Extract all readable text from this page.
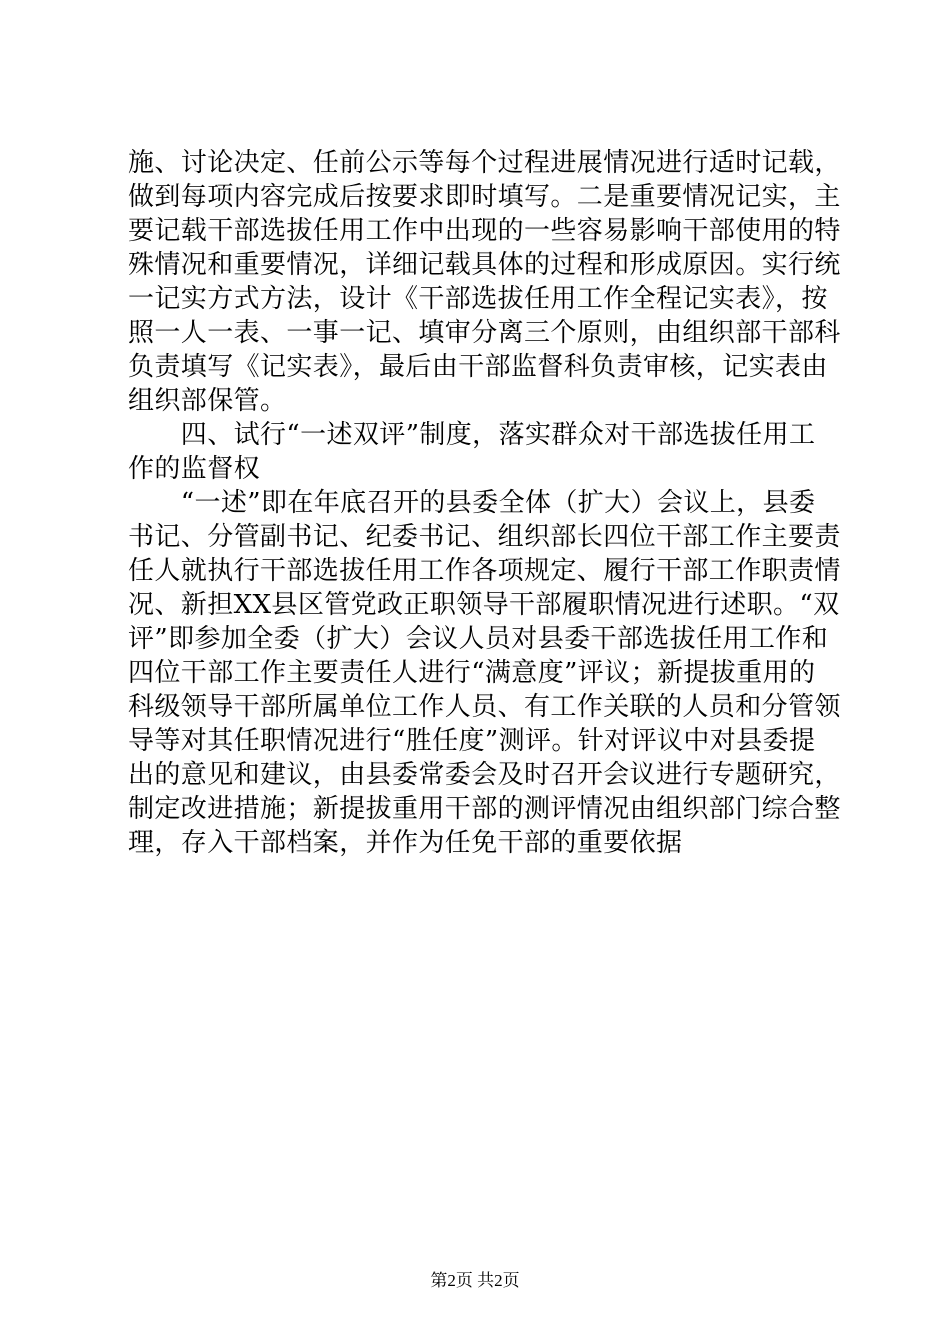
施、讨论决定、任前公示等每个过程进展情况进行适时记载，
做到每项内容完成后按要求即时填写。二是重要情况记实，主
要记载干部选拔任用工作中出现的一些容易影响干部使用的特
殊情况和重要情况，详细记载具体的过程和形成原因。实行统
一记实方式方法，设计《干部选拔任用工作全程记实表》，按
照一人一表、一事一记、填审分离三个原则，由组织部干部科
负责填写《记实表》，最后由干部监督科负责审核，记实表由
组织部保管。
　　四、试行“一述双评”制度，落实群众对干部选拔任用工
作的监督权
　　“一述”即在年底召开的县委全体（扩大）会议上，县委
书记、分管副书记、纪委书记、组织部长四位干部工作主要责
任人就执行干部选拔任用工作各项规定、履行干部工作职责情
况、新担XX县区管党政正职领导干部履职情况进行述职。“双
评”即参加全委（扩大）会议人员对县委干部选拔任用工作和
四位干部工作主要责任人进行“满意度”评议；新提拔重用的
科级领导干部所属单位工作人员、有工作关联的人员和分管领
导等对其任职情况进行“胜任度”测评。针对评议中对县委提
出的意见和建议，由县委常委会及时召开会议进行专题研究，
制定改进措施；新提拔重用干部的测评情况由组织部门综合整
理，存入干部档案，并作为任免干部的重要依据
第2页 共2页
